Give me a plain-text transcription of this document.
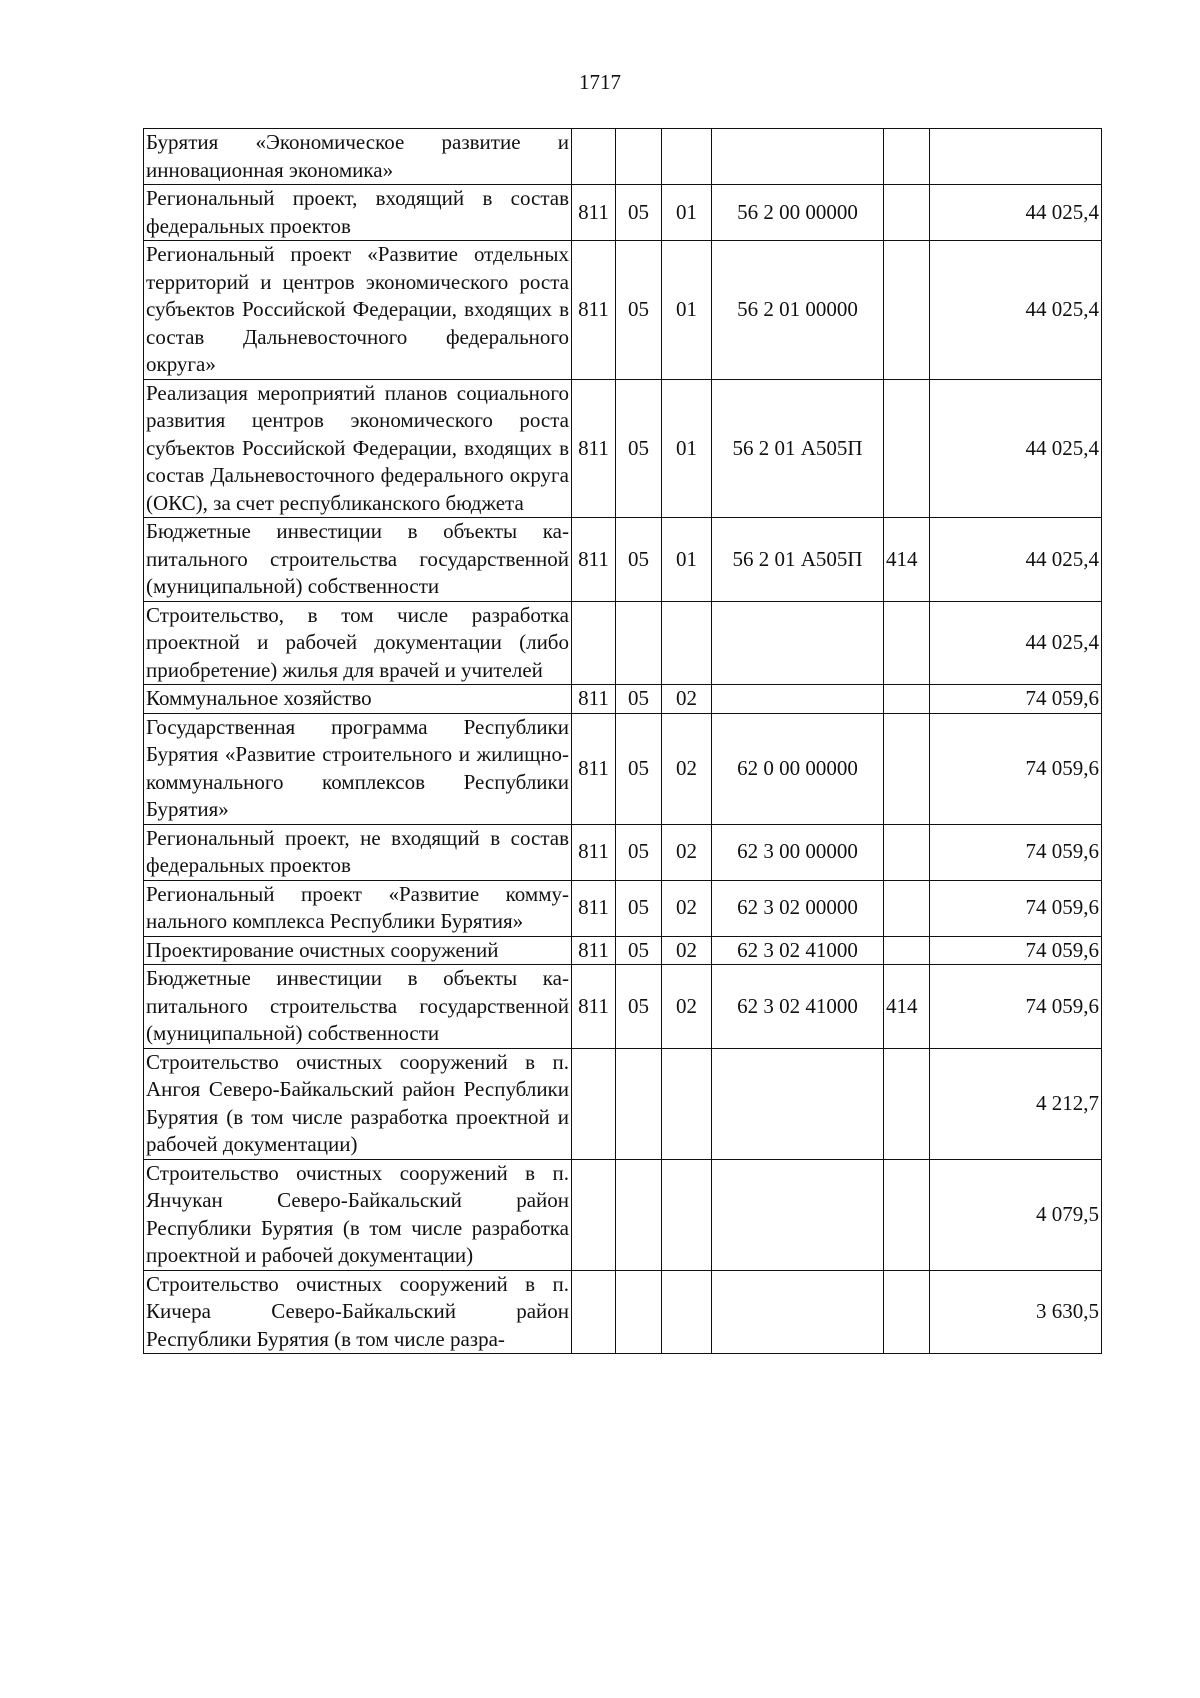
1717
Бурятия «Экономическое развитие и инновационная экономика»						
Региональный проект, входящий в состав федеральных проектов	811	05	01	56 2 00 00000		44 025,4
Региональный проект «Развитие отдельных территорий и центров экономического роста субъектов Российской Федерации, входящих в состав Дальневосточного федерального округа»	811	05	01	56 2 01 00000		44 025,4
Реализация мероприятий планов социального развития центров экономического роста субъектов Российской Федерации, входящих в состав Дальневосточного федерального округа (ОКС), за счет республиканского бюджета	811	05	01	56 2 01 А505П		44 025,4
Бюджетные инвестиции в объекты капитального строительства государственной (муниципальной) собственности	811	05	01	56 2 01 А505П	414	44 025,4
Строительство, в том числе разработка проектной и рабочей документации (либо приобретение) жилья для врачей и учителей						44 025,4
Коммунальное хозяйство	811	05	02			74 059,6
Государственная программа Республики Бурятия «Развитие строительного и жилищно-коммунального комплексов Республики Бурятия»	811	05	02	62 0 00 00000		74 059,6
Региональный проект, не входящий в состав федеральных проектов	811	05	02	62 3 00 00000		74 059,6
Региональный проект «Развитие коммунального комплекса Республики Бурятия»	811	05	02	62 3 02 00000		74 059,6
Проектирование очистных сооружений	811	05	02	62 3 02 41000		74 059,6
Бюджетные инвестиции в объекты капитального строительства государственной (муниципальной) собственности	811	05	02	62 3 02 41000	414	74 059,6
Строительство очистных сооружений в п. Ангоя Северо-Байкальский район Республики Бурятия (в том числе разработка проектной и рабочей документации)						4 212,7
Строительство очистных сооружений в п. Янчукан Северо-Байкальский район Республики Бурятия (в том числе разработка проектной и рабочей документации)						4 079,5
Строительство очистных сооружений в п. Кичера Северо-Байкальский район Республики Бурятия (в том числе разра-						3 630,5
